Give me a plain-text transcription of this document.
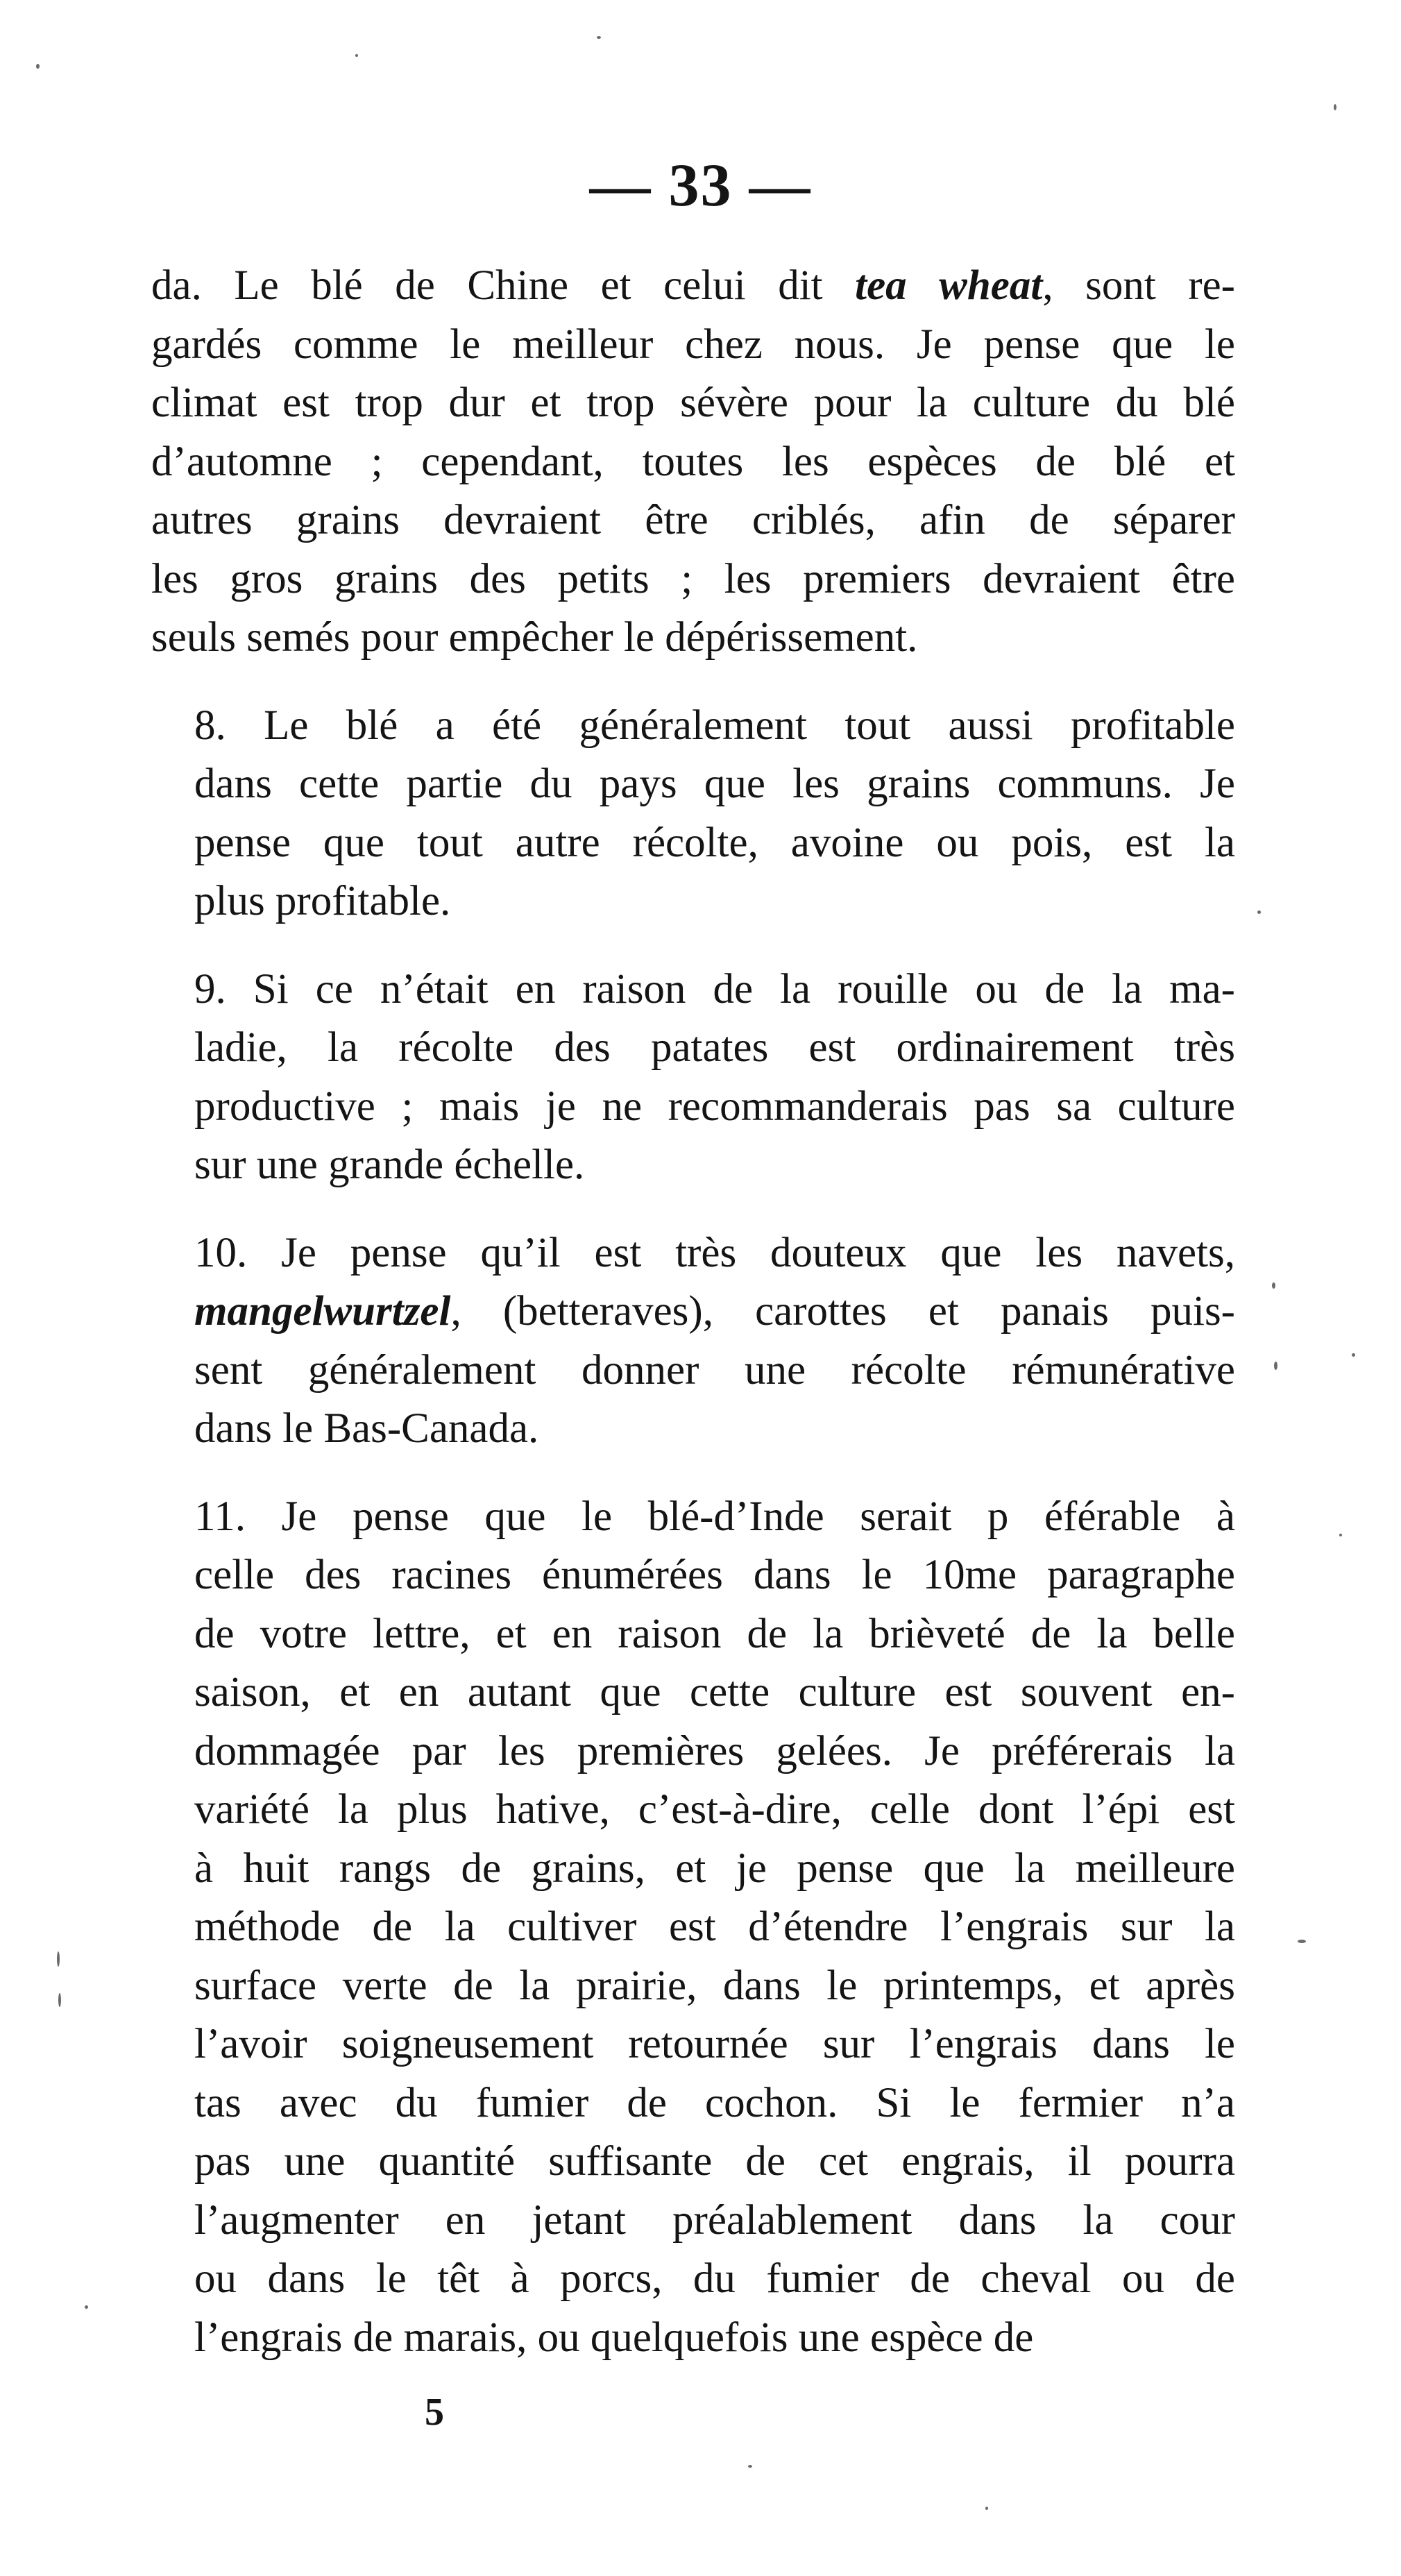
— 33 —

da. Le blé de Chine et celui dit tea wheat, sont re-
gardés comme le meilleur chez nous. Je pense que le
climat est trop dur et trop sévère pour la culture du blé
d’automne ; cependant, toutes les espèces de blé et
autres grains devraient être criblés, afin de séparer
les gros grains des petits ; les premiers devraient être
seuls semés pour empêcher le dépérissement.

8. Le blé a été généralement tout aussi profitable
dans cette partie du pays que les grains communs. Je
pense que tout autre récolte, avoine ou pois, est la
plus profitable.

9. Si ce n’était en raison de la rouille ou de la ma-
ladie, la récolte des patates est ordinairement très
productive ; mais je ne recommanderais pas sa culture
sur une grande échelle.

10. Je pense qu’il est très douteux que les navets,
mangelwurtzel, (betteraves), carottes et panais puis-
sent généralement donner une récolte rémunérative
dans le Bas-Canada.

11. Je pense que le blé-d’Inde serait p éférable à
celle des racines énumérées dans le 10me paragraphe
de votre lettre, et en raison de la brièveté de la belle
saison, et en autant que cette culture est souvent en-
dommagée par les premières gelées. Je préférerais la
variété la plus hative, c’est-à-dire, celle dont l’épi est
à huit rangs de grains, et je pense que la meilleure
méthode de la cultiver est d’étendre l’engrais sur la
surface verte de la prairie, dans le printemps, et après
l’avoir soigneusement retournée sur l’engrais dans le
tas avec du fumier de cochon. Si le fermier n’a
pas une quantité suffisante de cet engrais, il pourra
l’augmenter en jetant préalablement dans la cour
ou dans le têt à porcs, du fumier de cheval ou de
l’engrais de marais, ou quelquefois une espèce de

5
